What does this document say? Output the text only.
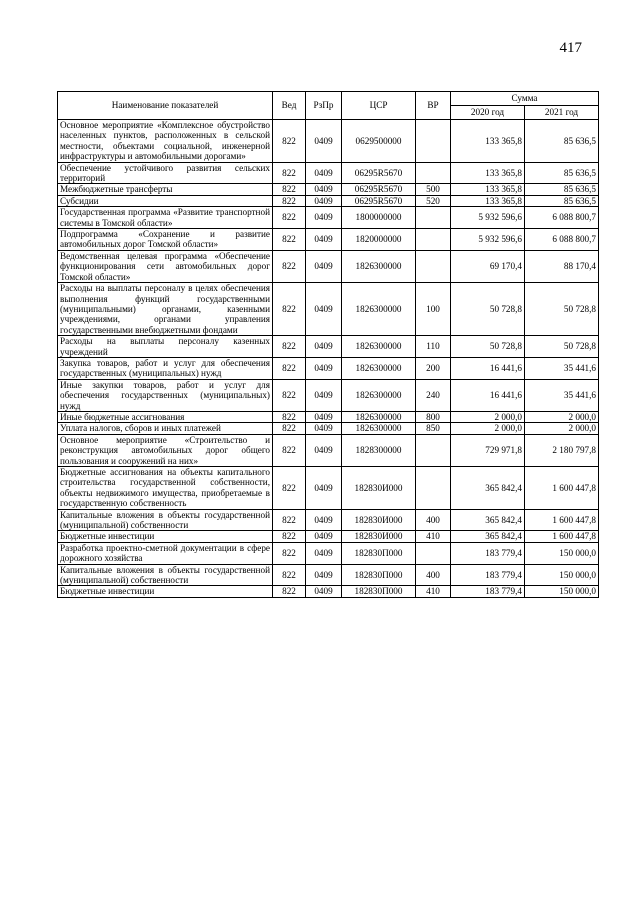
417
Наименование показателей	Вед	РзПр	ЦСР	ВР	Сумма	
					2020 год	2021 год
Основное мероприятие «Комплексное обустройство населенных пунктов, расположенных в сельской местности, объектами социальной, инженерной инфраструктуры и автомобильными дорогами»	822	0409	0629500000		133 365,8	85 636,5
Обеспечение устойчивого развития сельских территорий	822	0409	06295R5670		133 365,8	85 636,5
Межбюджетные трансферты	822	0409	06295R5670	500	133 365,8	85 636,5
Субсидии	822	0409	06295R5670	520	133 365,8	85 636,5
Государственная программа «Развитие транспортной системы в Томской области»	822	0409	1800000000		5 932 596,6	6 088 800,7
Подпрограмма «Сохранение и развитие автомобильных дорог Томской области»	822	0409	1820000000		5 932 596,6	6 088 800,7
Ведомственная целевая программа «Обеспечение функционирования сети автомобильных дорог Томской области»	822	0409	1826300000		69 170,4	88 170,4
Расходы на выплаты персоналу в целях обеспечения выполнения функций государственными (муниципальными) органами, казенными учреждениями, органами управления государственными внебюджетными фондами	822	0409	1826300000	100	50 728,8	50 728,8
Расходы на выплаты персоналу казенных учреждений	822	0409	1826300000	110	50 728,8	50 728,8
Закупка товаров, работ и услуг для обеспечения государственных (муниципальных) нужд	822	0409	1826300000	200	16 441,6	35 441,6
Иные закупки товаров, работ и услуг для обеспечения государственных (муниципальных) нужд	822	0409	1826300000	240	16 441,6	35 441,6
Иные бюджетные ассигнования	822	0409	1826300000	800	2 000,0	2 000,0
Уплата налогов, сборов и иных платежей	822	0409	1826300000	850	2 000,0	2 000,0
Основное мероприятие «Строительство и реконструкция автомобильных дорог общего пользования и сооружений на них»	822	0409	1828300000		729 971,8	2 180 797,8
Бюджетные ассигнования на объекты капитального строительства государственной собственности, объекты недвижимого имущества, приобретаемые в государственную собственность	822	0409	182830И000		365 842,4	1 600 447,8
Капитальные вложения в объекты государственной (муниципальной) собственности	822	0409	182830И000	400	365 842,4	1 600 447,8
Бюджетные инвестиции	822	0409	182830И000	410	365 842,4	1 600 447,8
Разработка проектно-сметной документации в сфере дорожного хозяйства	822	0409	182830П000		183 779,4	150 000,0
Капитальные вложения в объекты государственной (муниципальной) собственности	822	0409	182830П000	400	183 779,4	150 000,0
Бюджетные инвестиции	822	0409	182830П000	410	183 779,4	150 000,0
